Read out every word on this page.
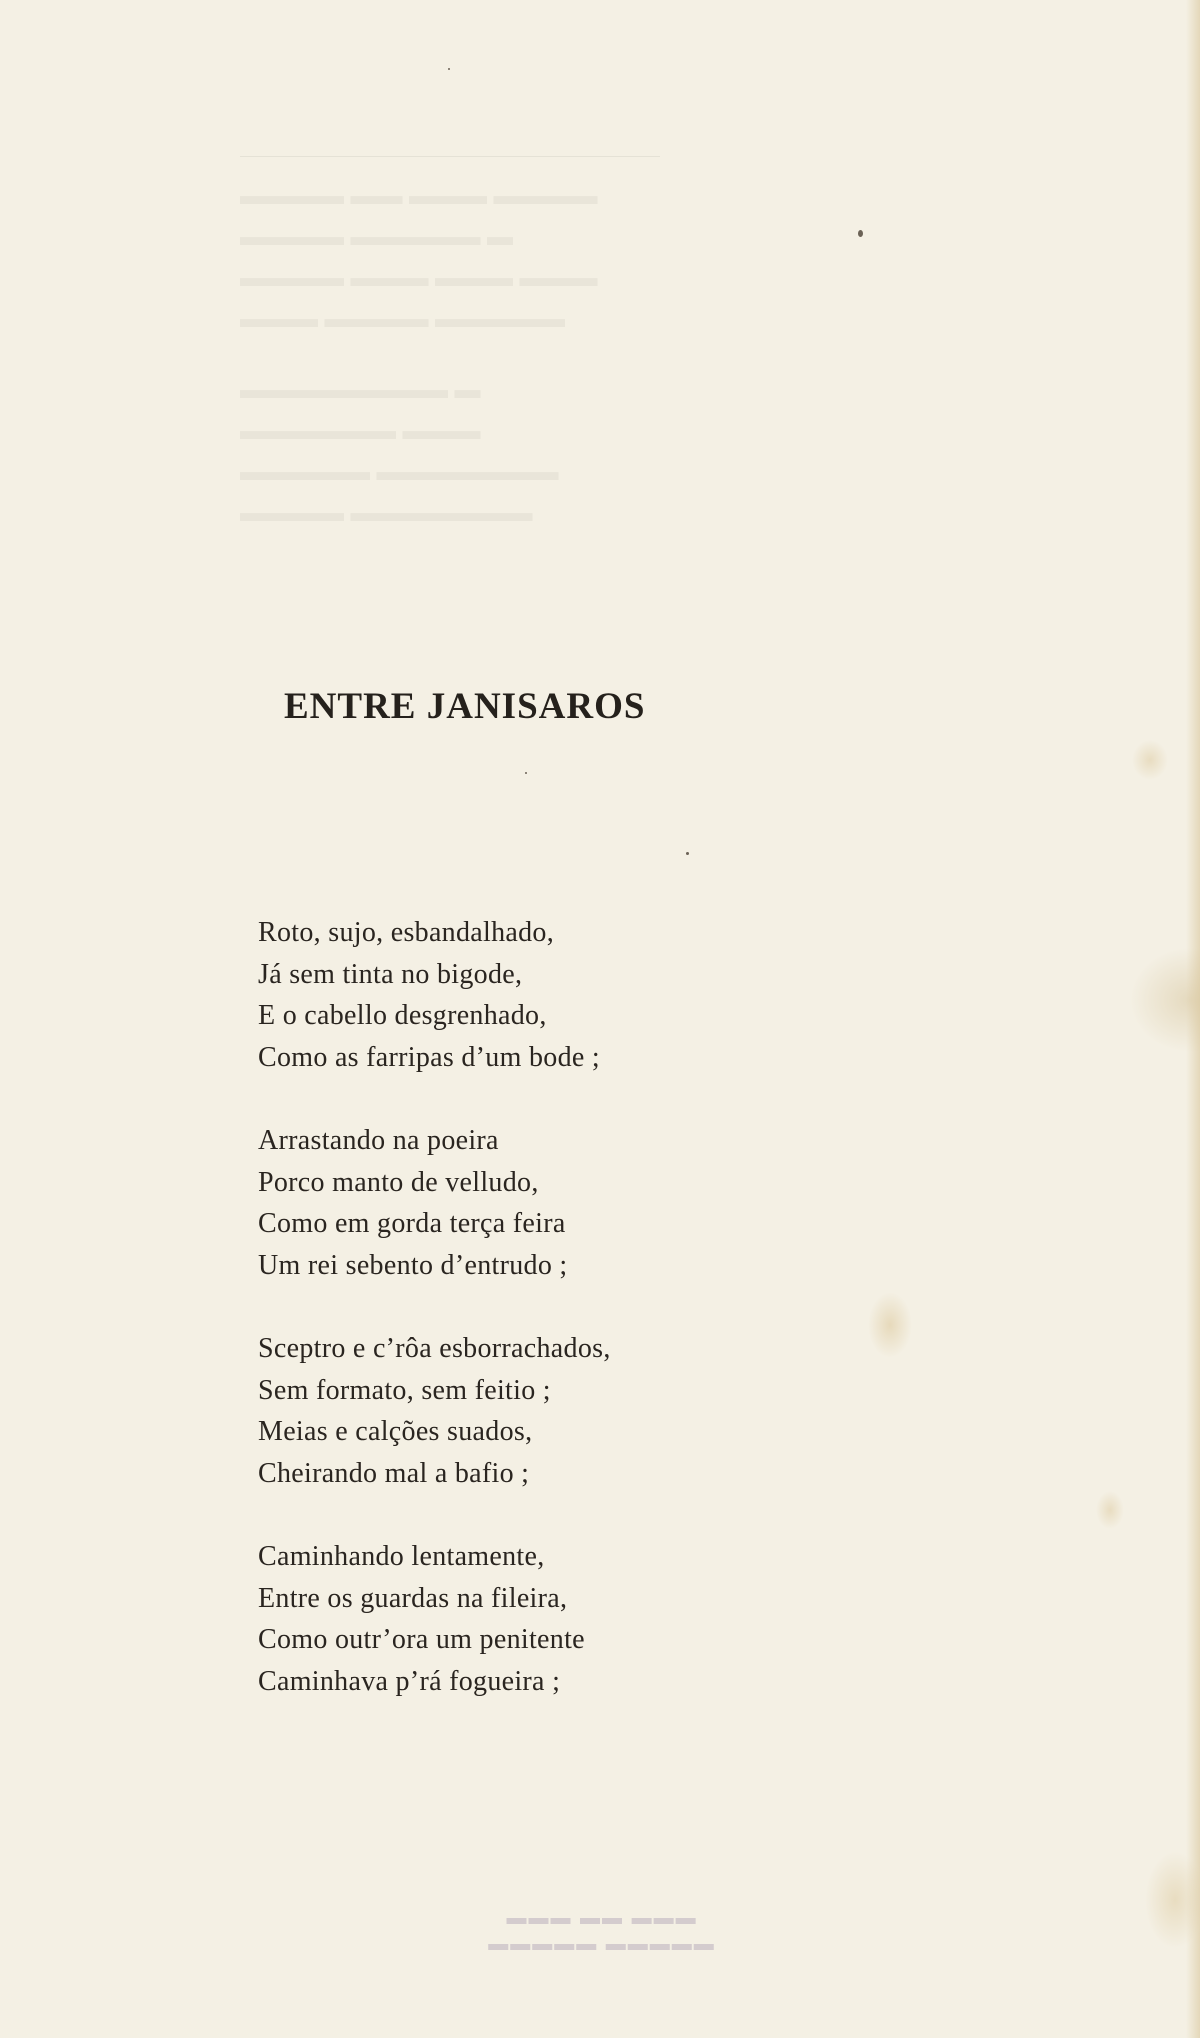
▬▬▬▬ ▬▬▬ ▬▬ ▬▬▬▬
▬ ▬▬▬▬▬ ▬▬▬▬
▬▬▬ ▬▬▬ ▬▬▬ ▬▬▬▬
▬▬▬▬▬ ▬▬▬▬ ▬▬▬
▬ ▬▬▬▬▬▬▬▬
▬▬▬ ▬▬▬▬▬▬
▬▬▬▬▬▬▬ ▬▬▬▬▬
▬▬▬▬▬▬▬ ▬▬▬▬
▬▬▬ ▬▬ ▬▬▬
▬▬▬▬▬ ▬▬▬▬▬
ENTRE JANISAROS
Roto, sujo, esbandalhado,
Já sem tinta no bigode,
E o cabello desgrenhado,
Como as farripas d’um bode ;
Arrastando na poeira
Porco manto de velludo,
Como em gorda terça feira
Um rei sebento d’entrudo ;
Sceptro e c’rôa esborrachados,
Sem formato, sem feitio ;
Meias e calções suados,
Cheirando mal a bafio ;
Caminhando lentamente,
Entre os guardas na fileira,
Como outr’ora um penitente
Caminhava p’rá fogueira ;
